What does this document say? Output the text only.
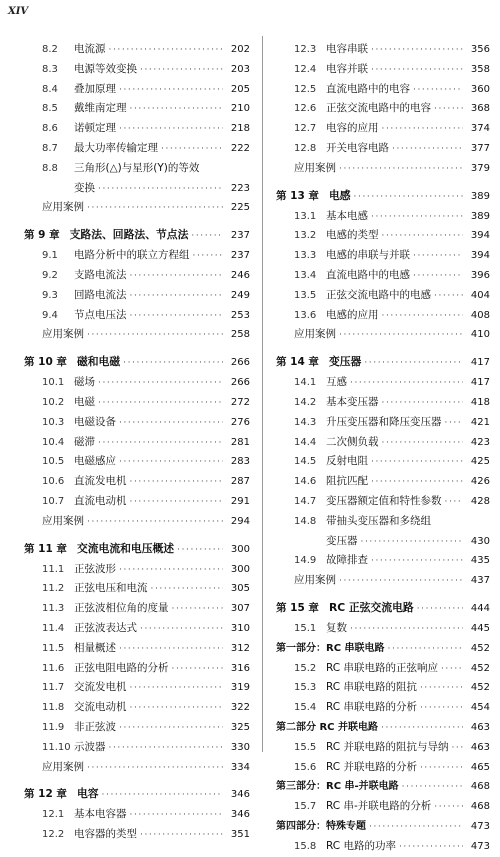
XIV
8.2	电流源 ·····	202
8.3	电源等效变换 ·····	203
8.4	叠加原理 ·····	205
8.5	戴维南定理 ·····	210
8.6	诺顿定理 ·····	218
8.7	最大功率传输定理 ·····	222
8.8	三角形(△)与星形(Y)的等效
变换 ·····	223
应用案例 ·····	225
第 9 章 支路法、回路法、节点法 ·····	237
9.1	电路分析中的联立方程组 ·····	237
9.2	支路电流法 ·····	246
9.3	回路电流法 ·····	249
9.4	节点电压法 ·····	253
应用案例 ·····	258
第 10 章 磁和电磁 ·····	266
10.1 磁场 ·····	266
10.2 电磁 ·····	272
10.3 电磁设备 ·····	276
10.4 磁滞 ·····	281
10.5 电磁感应 ·····	283
10.6 直流发电机 ·····	287
10.7 直流电动机 ·····	291
应用案例 ·····	294
第 11 章 交流电流和电压概述 ·····	300
11.1 正弦波形 ·····	300
11.2 正弦电压和电流 ·····	305
11.3 正弦波相位角的度量 ·····	307
11.4 正弦波表达式 ·····	310
11.5 相量概述 ·····	312
11.6 正弦电阻电路的分析 ·····	316
11.7 交流发电机 ·····	319
11.8 交流电动机 ·····	322
11.9 非正弦波 ·····	325
11.10 示波器 ·····	330
应用案例 ·····	334
第 12 章 电容 ·····	346
12.1 基本电容器 ·····	346
12.2 电容器的类型 ·····	351
12.3 电容串联 ·····	356
12.4 电容并联 ·····	358
12.5 直流电路中的电容 ·····	360
12.6 正弦交流电路中的电容 ·····	368
12.7 电容的应用 ·····	374
12.8 开关电容电路 ·····	377
应用案例 ·····	379
第 13 章 电感 ·····	389
13.1 基本电感 ·····	389
13.2 电感的类型 ·····	394
13.3 电感的串联与并联 ·····	394
13.4 直流电路中的电感 ·····	396
13.5 正弦交流电路中的电感 ·····	404
13.6 电感的应用 ·····	408
应用案例 ·····	410
第 14 章 变压器 ·····	417
14.1 互感 ·····	417
14.2 基本变压器 ·····	418
14.3 升压变压器和降压变压器 ·····	421
14.4 二次侧负载 ·····	423
14.5 反射电阻 ·····	425
14.6 阻抗匹配 ·····	426
14.7 变压器额定值和特性参数 ·····	428
14.8 带抽头变压器和多绕组
变压器 ·····	430
14.9 故障排查 ·····	435
应用案例 ·····	437
第 15 章 RC 正弦交流电路 ·····	444
15.1 复数 ·····	445
第一部分：RC 串联电路 ·····	452
15.2 RC 串联电路的正弦响应 ·····	452
15.3 RC 串联电路的阻抗 ·····	452
15.4 RC 串联电路的分析 ·····	454
第二部分 RC 并联电路 ·····	463
15.5 RC 并联电路的阻抗与导纳 ·····	463
15.6 RC 并联电路的分析 ·····	465
第三部分：RC 串-并联电路 ·····	468
15.7 RC 串-并联电路的分析 ·····	468
第四部分：特殊专题 ·····	473
15.8 RC 电路的功率 ·····	473
